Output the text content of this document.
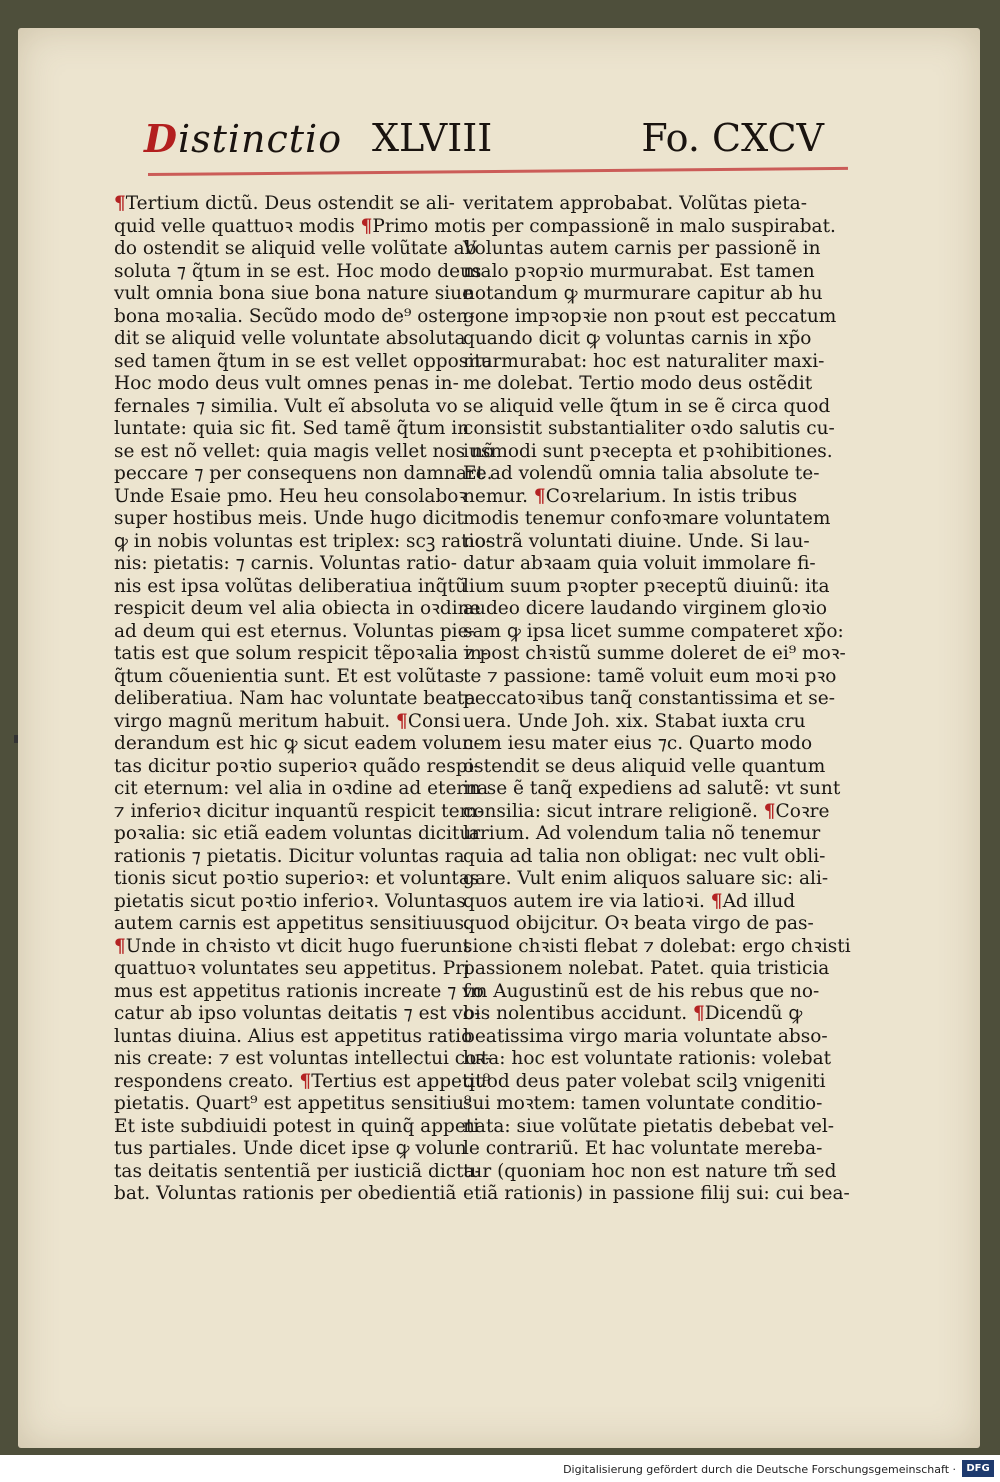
Distinctio XLVIII	Fo. CXCV
¶Tertium dictũ. Deus ostendit se ali-
quid velle quattuoꝛ modis ¶Primo mo
do ostendit se aliquid velle volũtate ab
soluta ⁊ q̃tum in se est. Hoc modo deus
vult omnia bona siue bona nature siue
bona moꝛalia. Secũdo modo de⁹ osten-
dit se aliquid velle voluntate absoluta
sed tamen q̃tum in se est vellet opposita
Hoc modo deus vult omnes penas in-
fernales ⁊ similia. Vult eĩ absoluta vo
luntate: quia sic fit. Sed tamẽ q̃tum in
se est nõ vellet: quia magis vellet nos nõ
peccare ⁊ per consequens non damnare.
Unde Esaie pmo. Heu heu consolaboꝛ
super hostibus meis. Unde hugo dicit
ꝙ in nobis voluntas est triplex: scꝫ ratio-
nis: pietatis: ⁊ carnis. Voluntas ratio-
nis est ipsa volũtas deliberatiua inq̃tũ
respicit deum vel alia obiecta in oꝛdine
ad deum qui est eternus. Voluntas pie-
tatis est que solum respicit tẽpoꝛalia in-
q̃tum cõuenientia sunt. Et est volũtas
deliberatiua. Nam hac voluntate beata
virgo magnũ meritum habuit. ¶Consi
derandum est hic ꝙ sicut eadem volun-
tas dicitur poꝛtio superioꝛ quãdo respi-
cit eternum: vel alia in oꝛdine ad eterna
⁊ inferioꝛ dicitur inquantũ respicit tem-
poꝛalia: sic etiã eadem voluntas dicitur
rationis ⁊ pietatis. Dicitur voluntas ra
tionis sicut poꝛtio superioꝛ: et voluntas
pietatis sicut poꝛtio inferioꝛ. Voluntas
autem carnis est appetitus sensitiuus.
¶Unde in chꝛisto vt dicit hugo fuerunt
quattuoꝛ voluntates seu appetitus. Pri
mus est appetitus rationis increate ⁊ vo
catur ab ipso voluntas deitatis ⁊ est vo-
luntas diuina. Alius est appetitus ratio
nis create: ⁊ est voluntas intellectui coꝛ-
respondens creato. ¶Tertius est appetit⁹
pietatis. Quart⁹ est appetitus sensitiu⁹
Et iste subdiuidi potest in quinq̃ appeti
tus partiales. Unde dicet ipse ꝙ volun
tas deitatis sententiã per iusticiã dicta-
bat. Voluntas rationis per obedientiã
veritatem approbabat. Volũtas pieta-
tis per compassionẽ in malo suspirabat.
Voluntas autem carnis per passionẽ in
malo pꝛopꝛio murmurabat. Est tamen
notandum ꝙ murmurare capitur ab hu
gone impꝛopꝛie non pꝛout est peccatum
quando dicit ꝙ voluntas carnis in xp̃o
murmurabat: hoc est naturaliter maxi-
me dolebat. Tertio modo deus ostẽdit
se aliquid velle q̃tum in se ẽ circa quod
consistit substantialiter oꝛdo salutis cu-
iusmodi sunt pꝛecepta et pꝛohibitiones.
Et ad volendũ omnia talia absolute te-
nemur. ¶Coꝛrelarium. In istis tribus
modis tenemur confoꝛmare voluntatem
nostrã voluntati diuine. Unde. Si lau-
datur abꝛaam quia voluit immolare fi-
lium suum pꝛopter pꝛeceptũ diuinũ: ita
audeo dicere laudando virginem gloꝛio
sam ꝙ ipsa licet summe compateret xp̃o:
⁊ post chꝛistũ summe doleret de ei⁹ moꝛ-
te ⁊ passione: tamẽ voluit eum moꝛi pꝛo
peccatoꝛibus tanq̃ constantissima et se-
uera. Unde Joh. xix. Stabat iuxta cru
cem iesu mater eius ⁊c. Quarto modo
ostendit se deus aliquid velle quantum
in se ẽ tanq̃ expediens ad salutẽ: vt sunt
consilia: sicut intrare religionẽ. ¶Coꝛre
larium. Ad volendum talia nõ tenemur
quia ad talia non obligat: nec vult obli-
gare. Vult enim aliquos saluare sic: ali-
quos autem ire via latioꝛi. ¶Ad illud
quod obijcitur. Oꝛ beata virgo de pas-
sione chꝛisti flebat ⁊ dolebat: ergo chꝛisti
passionem nolebat. Patet. quia tristicia
fm Augustinũ est de his rebus que no-
bis nolentibus accidunt. ¶Dicendũ ꝙ
beatissima virgo maria voluntate abso-
luta: hoc est voluntate rationis: volebat
quod deus pater volebat scilꝫ vnigeniti
sui moꝛtem: tamen voluntate conditio-
nata: siue volũtate pietatis debebat vel-
le contrariũ. Et hac voluntate mereba-
tur (quoniam hoc non est nature tm̃ sed
etiã rationis) in passione filij sui: cui bea-
Digitalisierung gefördert durch die Deutsche Forschungsgemeinschaft ·	DFG
